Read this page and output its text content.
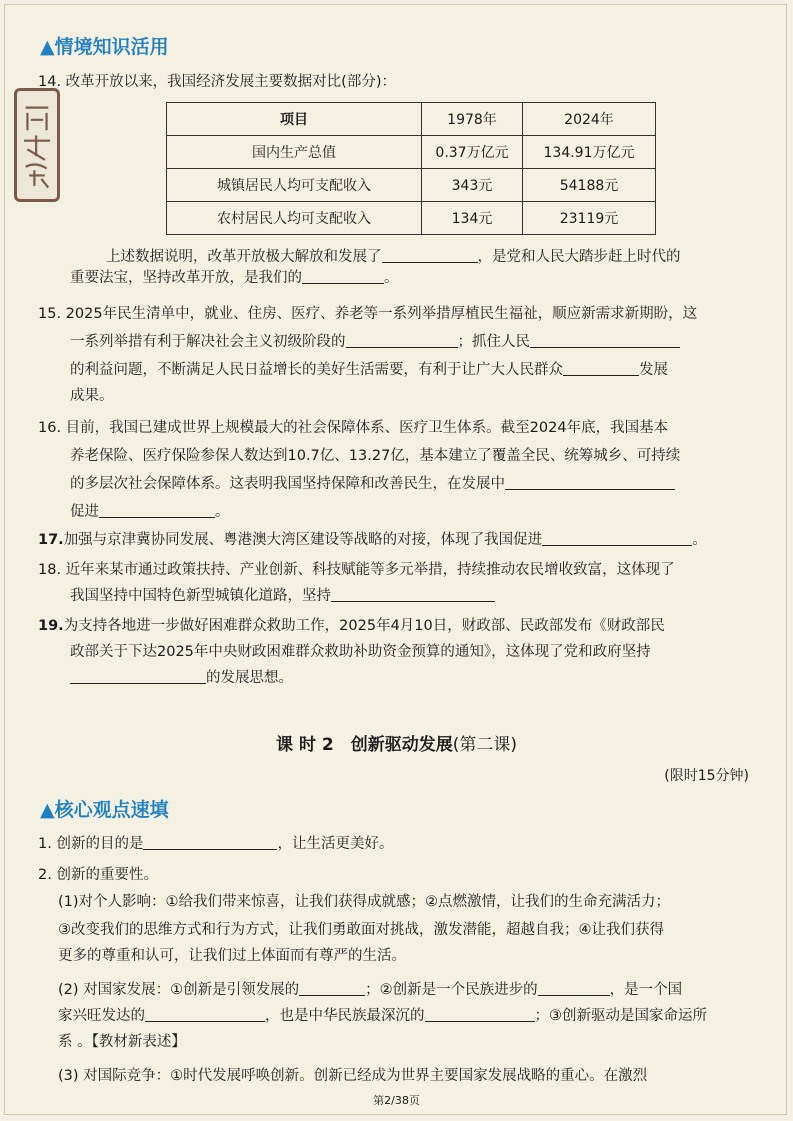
▲情境知识活用
14. 改革开放以来，我国经济发展主要数据对比(部分)：
项目	1978年	2024年
国内生产总值	0.37万亿元	134.91万亿元
城镇居民人均可支配收入	343元	54188元
农村居民人均可支配收入	134元	23119元
上述数据说明，改革开放极大解放和发展了	，是党和人民大踏步赶上时代的
重要法宝，坚持改革开放，是我们的	。
15. 2025年民生清单中，就业、住房、医疗、养老等一系列举措厚植民生福祉，顺应新需求新期盼，这
一系列举措有利于解决社会主义初级阶段的	；抓住人民
的利益问题，不断满足人民日益增长的美好生活需要，有利于让广大人民群众	发展
成果。
16. 目前，我国已建成世界上规模最大的社会保障体系、医疗卫生体系。截至2024年底，我国基本
养老保险、医疗保险参保人数达到10.7亿、13.27亿，基本建立了覆盖全民、统筹城乡、可持续
的多层次社会保障体系。这表明我国坚持保障和改善民生，在发展中
促进	。
17.加强与京津冀协同发展、粤港澳大湾区建设等战略的对接，体现了我国促进	。
18. 近年来某市通过政策扶持、产业创新、科技赋能等多元举措，持续推动农民增收致富，这体现了
我国坚持中国特色新型城镇化道路，坚持
19.为支持各地进一步做好困难群众救助工作，2025年4月10日，财政部、民政部发布《财政部民
政部关于下达2025年中央财政困难群众救助补助资金预算的通知》，这体现了党和政府坚持
的发展思想。
课 时 2　创新驱动发展(第二课)
(限时15分钟)
▲核心观点速填
1. 创新的目的是	，让生活更美好。
2. 创新的重要性。
(1)对个人影响：①给我们带来惊喜，让我们获得成就感；②点燃激情，让我们的生命充满活力；
③改变我们的思维方式和行为方式，让我们勇敢面对挑战，激发潜能，超越自我；④让我们获得
更多的尊重和认可，让我们过上体面而有尊严的生活。
(2) 对国家发展：①创新是引领发展的	；②创新是一个民族进步的	，是一个国
家兴旺发达的	，也是中华民族最深沉的	；③创新驱动是国家命运所
系 。【教材新表述】
(3) 对国际竞争：①时代发展呼唤创新。创新已经成为世界主要国家发展战略的重心。在激烈
第2/38页
